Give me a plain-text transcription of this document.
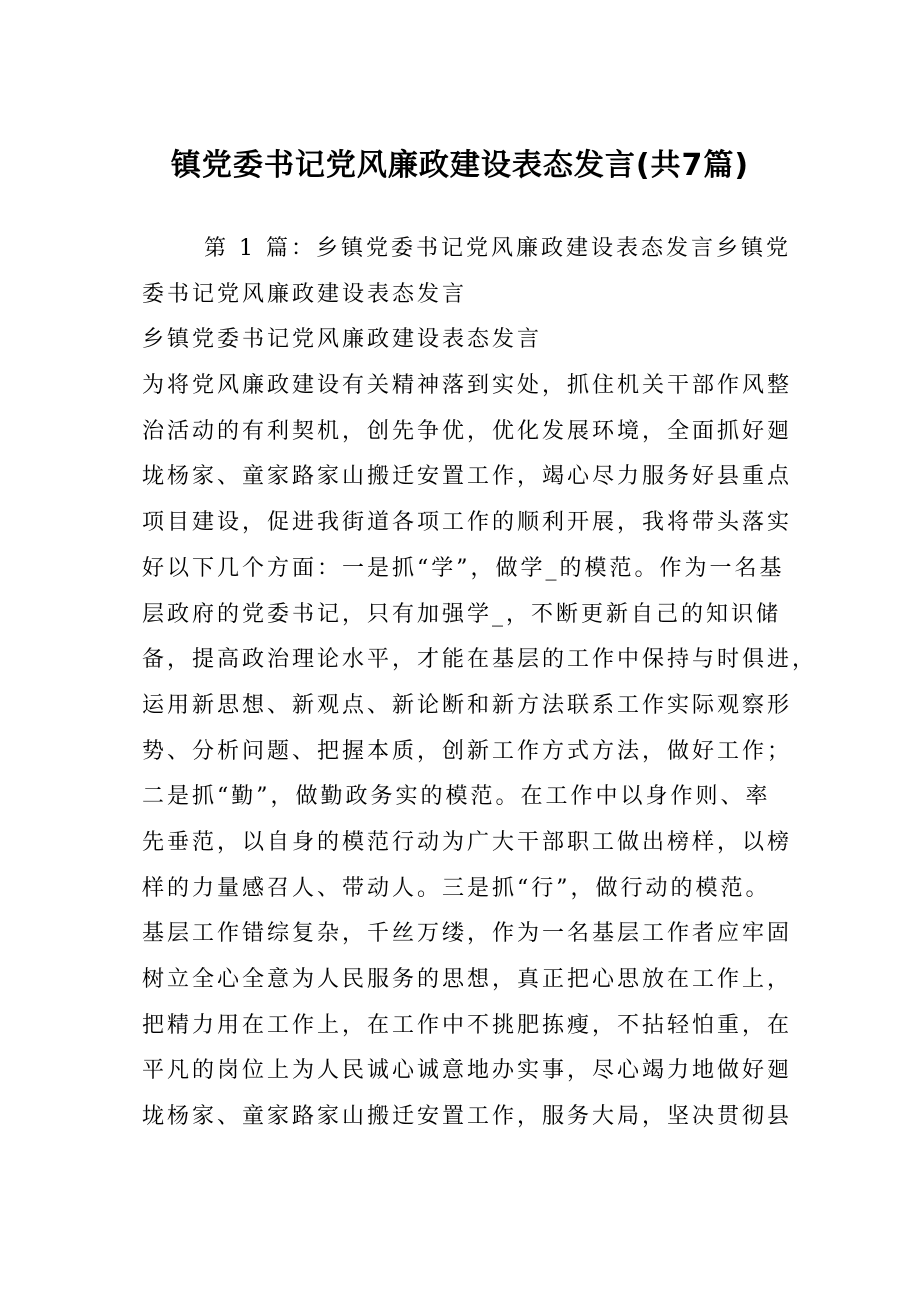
镇党委书记党风廉政建设表态发言(共7篇)
第 1 篇：乡镇党委书记党风廉政建设表态发言乡镇党
委书记党风廉政建设表态发言
乡镇党委书记党风廉政建设表态发言
为将党风廉政建设有关精神落到实处，抓住机关干部作风整
治活动的有利契机，创先争优，优化发展环境，全面抓好廻
垅杨家、童家路家山搬迁安置工作，竭心尽力服务好县重点
项目建设，促进我街道各项工作的顺利开展，我将带头落实
好以下几个方面：一是抓“学”，做学_的模范。作为一名基
层政府的党委书记，只有加强学_，不断更新自己的知识储
备，提高政治理论水平，才能在基层的工作中保持与时俱进，
运用新思想、新观点、新论断和新方法联系工作实际观察形
势、分析问题、把握本质，创新工作方式方法，做好工作；
二是抓“勤”，做勤政务实的模范。在工作中以身作则、率
先垂范，以自身的模范行动为广大干部职工做出榜样，以榜
样的力量感召人、带动人。三是抓“行”，做行动的模范。
基层工作错综复杂，千丝万缕，作为一名基层工作者应牢固
树立全心全意为人民服务的思想，真正把心思放在工作上，
把精力用在工作上，在工作中不挑肥拣瘦，不拈轻怕重，在
平凡的岗位上为人民诚心诚意地办实事，尽心竭力地做好廻
垅杨家、童家路家山搬迁安置工作，服务大局，坚决贯彻县
